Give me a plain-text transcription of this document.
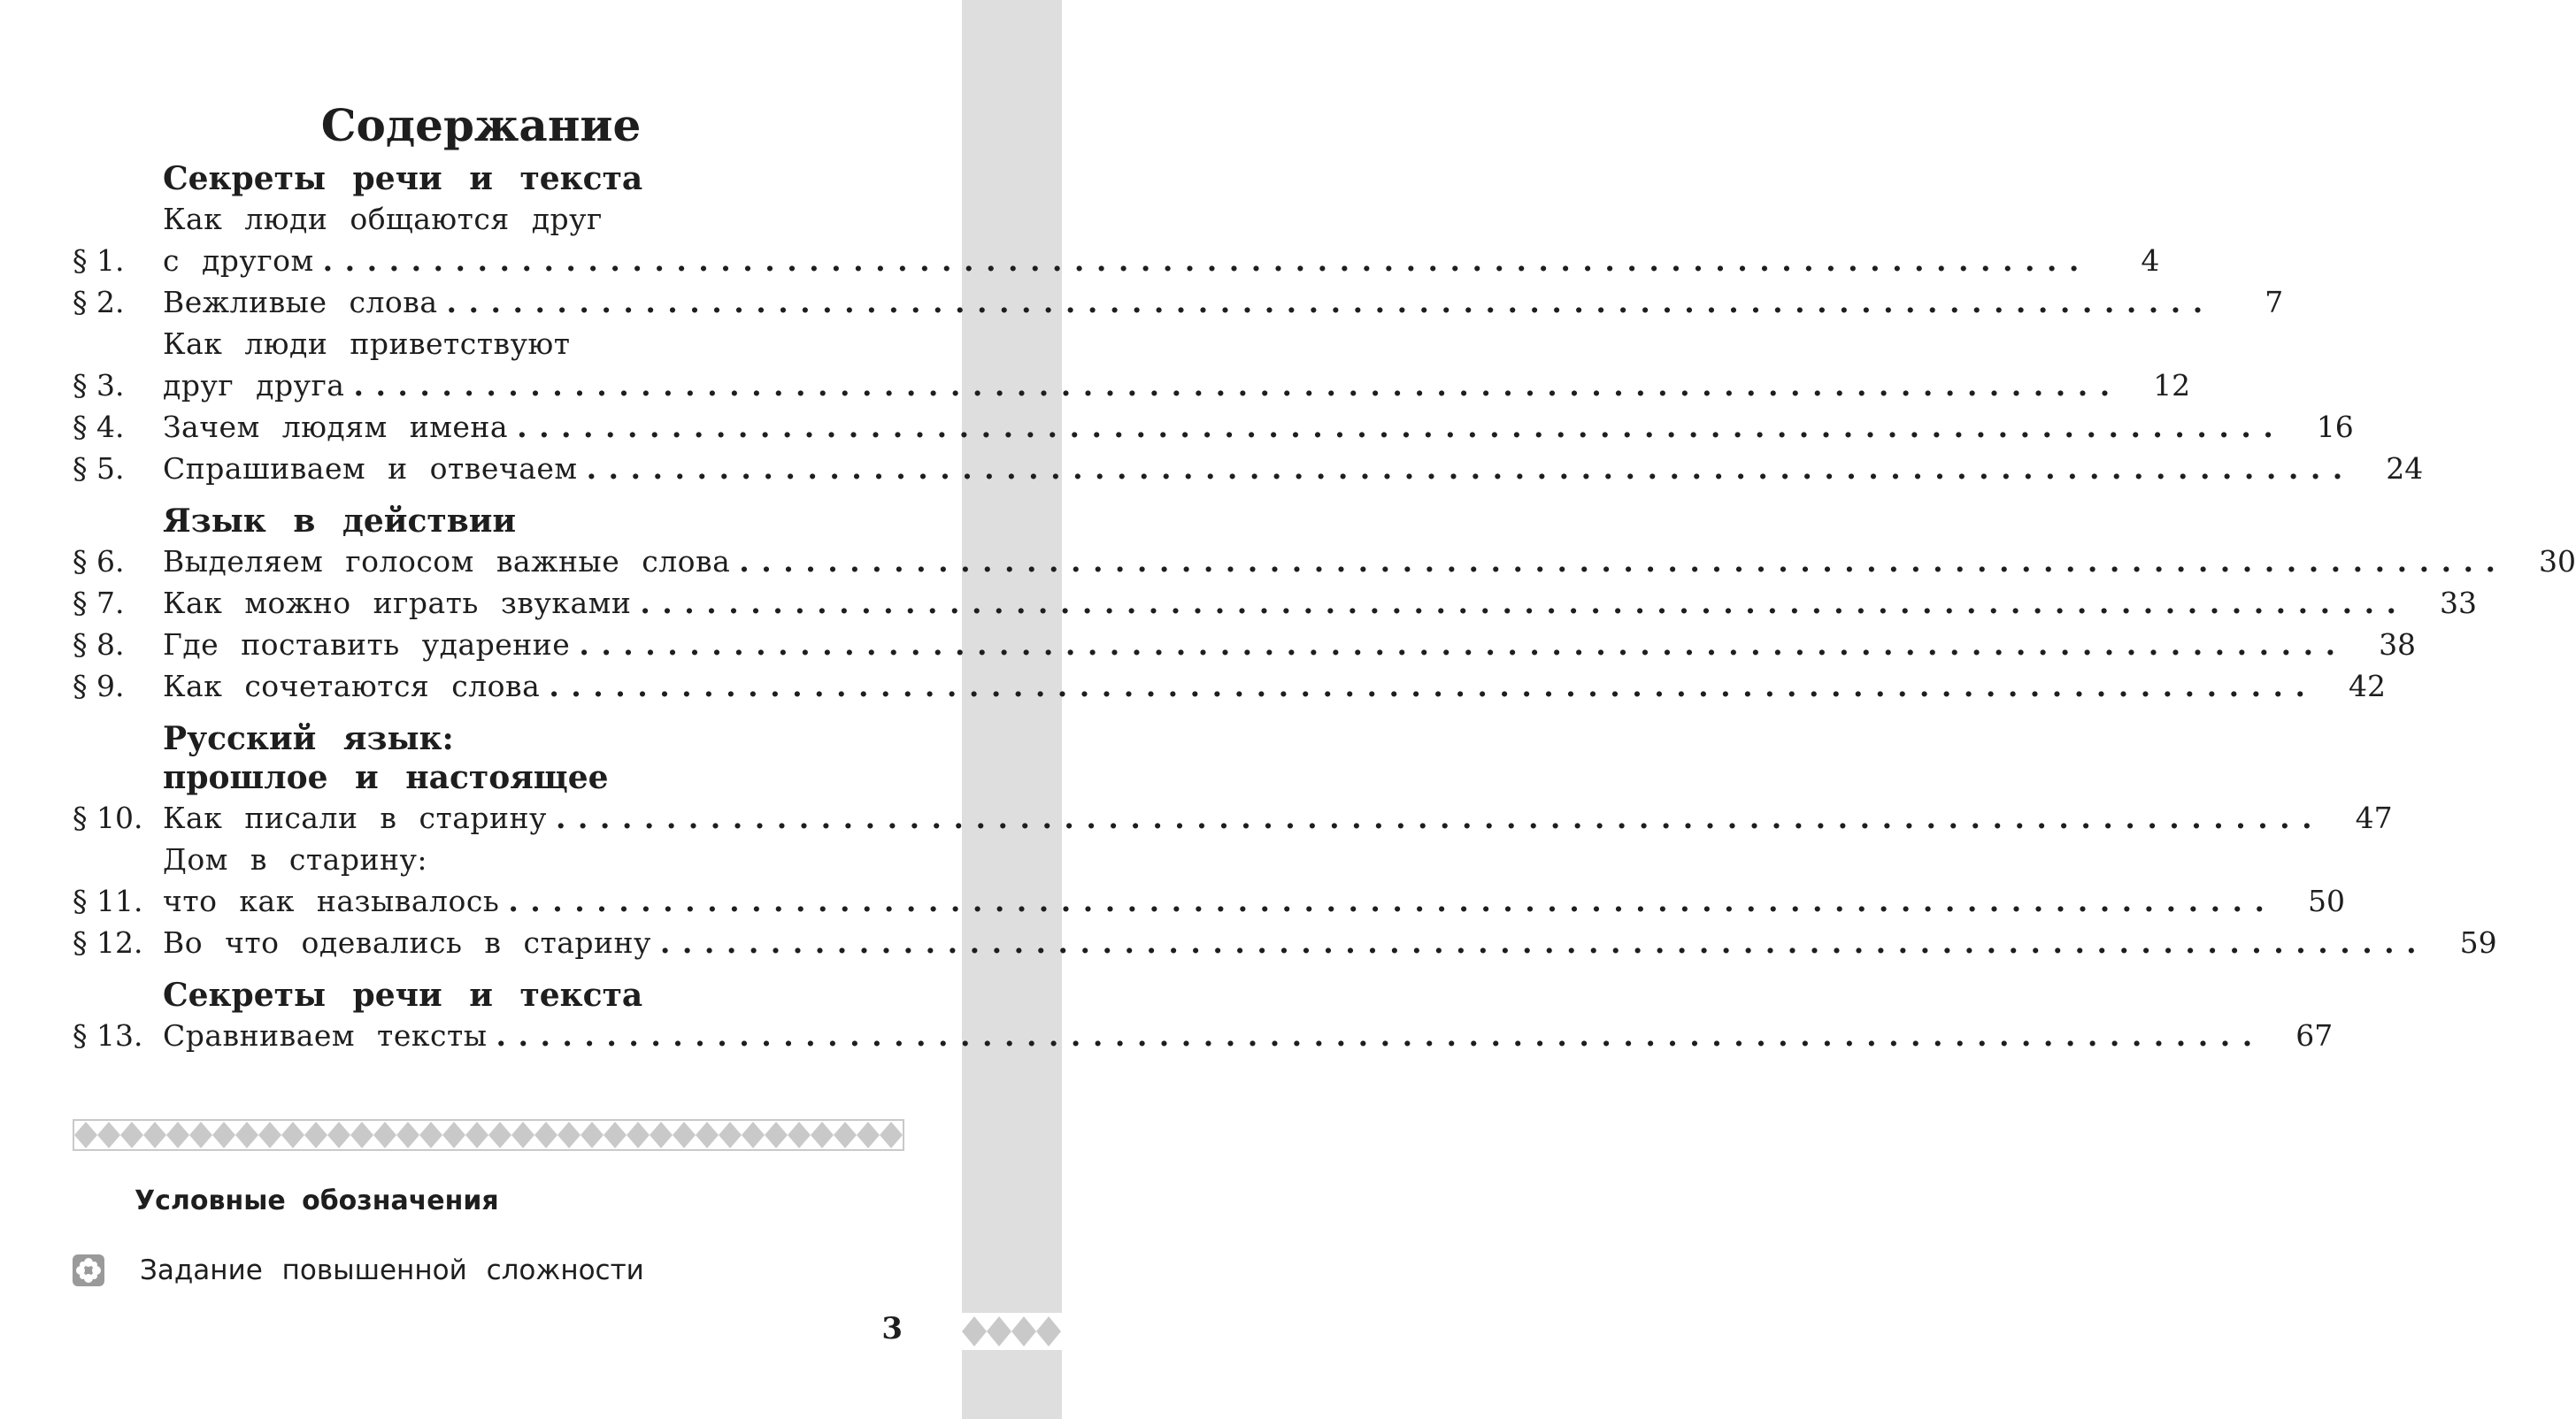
Содержание
Секреты речи и текста
§ 1.
Как люди общаются друг
с другом . . . . . . . . . . . . . . . . . . . . . . . . . . . . . . . . . . . . . . . . . . . . . . . . . . . . . . . . . . . . . . . . . . . . . . . . . . . . . . . .	4
§ 2.	Вежливые слова . . . . . . . . . . . . . . . . . . . . . . . . . . . . . . . . . . . . . . . . . . . . . . . . . . . . . . . . . . . . . . . . . . . . . . . . . . . . . . . .	7
§ 3.
Как люди приветствуют
друг друга . . . . . . . . . . . . . . . . . . . . . . . . . . . . . . . . . . . . . . . . . . . . . . . . . . . . . . . . . . . . . . . . . . . . . . . . . . . . . . . .	12
§ 4.	Зачем людям имена . . . . . . . . . . . . . . . . . . . . . . . . . . . . . . . . . . . . . . . . . . . . . . . . . . . . . . . . . . . . . . . . . . . . . . . . . . . . . . . .	16
§ 5.	Спрашиваем и отвечаем . . . . . . . . . . . . . . . . . . . . . . . . . . . . . . . . . . . . . . . . . . . . . . . . . . . . . . . . . . . . . . . . . . . . . . . . . . . . . . . .	24
Язык в действии
§ 6.	Выделяем голосом важные слова . . . . . . . . . . . . . . . . . . . . . . . . . . . . . . . . . . . . . . . . . . . . . . . . . . . . . . . . . . . . . . . . . . . . . . . . . . . . . . . .	30
§ 7.	Как можно играть звуками . . . . . . . . . . . . . . . . . . . . . . . . . . . . . . . . . . . . . . . . . . . . . . . . . . . . . . . . . . . . . . . . . . . . . . . . . . . . . . . .	33
§ 8.	Где поставить ударение . . . . . . . . . . . . . . . . . . . . . . . . . . . . . . . . . . . . . . . . . . . . . . . . . . . . . . . . . . . . . . . . . . . . . . . . . . . . . . . .	38
§ 9.	Как сочетаются слова . . . . . . . . . . . . . . . . . . . . . . . . . . . . . . . . . . . . . . . . . . . . . . . . . . . . . . . . . . . . . . . . . . . . . . . . . . . . . . . .	42
Русский язык:
прошлое и настоящее
§ 10. Как писали в старину . . . . . . . . . . . . . . . . . . . . . . . . . . . . . . . . . . . . . . . . . . . . . . . . . . . . . . . . . . . . . . . . . . . . . . . . . . . . . . . .	47
§ 11.
Дом в старину:
что как называлось . . . . . . . . . . . . . . . . . . . . . . . . . . . . . . . . . . . . . . . . . . . . . . . . . . . . . . . . . . . . . . . . . . . . . . . . . . . . . . . .	50
§ 12. Во что одевались в старину . . . . . . . . . . . . . . . . . . . . . . . . . . . . . . . . . . . . . . . . . . . . . . . . . . . . . . . . . . . . . . . . . . . . . . . . . . . . . . . .	59
Секреты речи и текста
§ 13. Сравниваем тексты . . . . . . . . . . . . . . . . . . . . . . . . . . . . . . . . . . . . . . . . . . . . . . . . . . . . . . . . . . . . . . . . . . . . . . . . . . . . . . . .	67
Условные обозначения
Задание повышенной сложности
3
